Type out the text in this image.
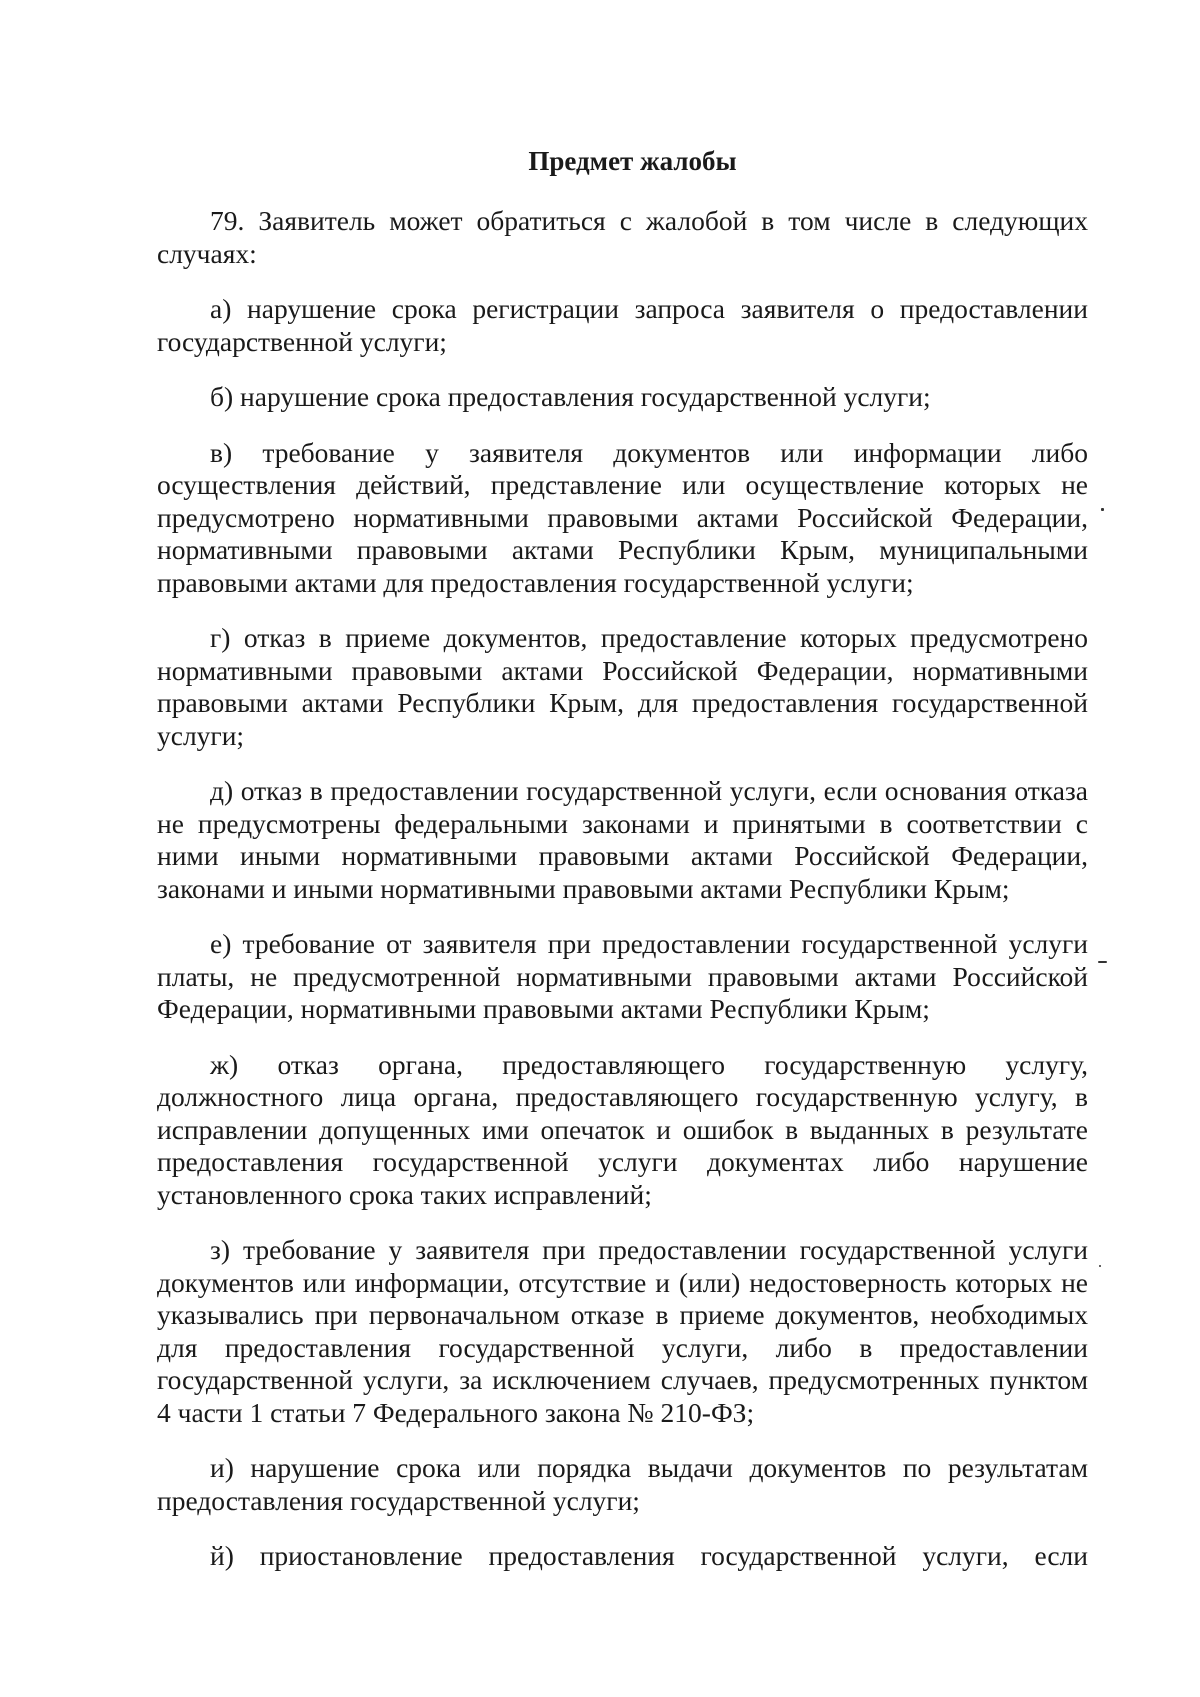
Предмет жалобы

79. Заявитель может обратиться с жалобой в том числе в следующих случаях:

а) нарушение срока регистрации запроса заявителя о предоставлении государственной услуги;

б) нарушение срока предоставления государственной услуги;

в) требование у заявителя документов или информации либо осуществления действий, представление или осуществление которых не предусмотрено нормативными правовыми актами Российской Федерации, нормативными правовыми актами Республики Крым, муниципальными правовыми актами для предоставления государственной услуги;

г) отказ в приеме документов, предоставление которых предусмотрено нормативными правовыми актами Российской Федерации, нормативными правовыми актами Республики Крым, для предоставления государственной услуги;

д) отказ в предоставлении государственной услуги, если основания отказа не предусмотрены федеральными законами и принятыми в соответствии с ними иными нормативными правовыми актами Российской Федерации, законами и иными нормативными правовыми актами Республики Крым;

е) требование от заявителя при предоставлении государственной услуги платы, не предусмотренной нормативными правовыми актами Российской Федерации, нормативными правовыми актами Республики Крым;

ж) отказ органа, предоставляющего государственную услугу, должностного лица органа, предоставляющего государственную услугу, в исправлении допущенных ими опечаток и ошибок в выданных в результате предоставления государственной услуги документах либо нарушение установленного срока таких исправлений;

з) требование у заявителя при предоставлении государственной услуги документов или информации, отсутствие и (или) недостоверность которых не указывались при первоначальном отказе в приеме документов, необходимых для предоставления государственной услуги, либо в предоставлении государственной услуги, за исключением случаев, предусмотренных пунктом 4 части 1 статьи 7 Федерального закона № 210-ФЗ;

и) нарушение срока или порядка выдачи документов по результатам предоставления государственной услуги;

й) приостановление предоставления государственной услуги, если
